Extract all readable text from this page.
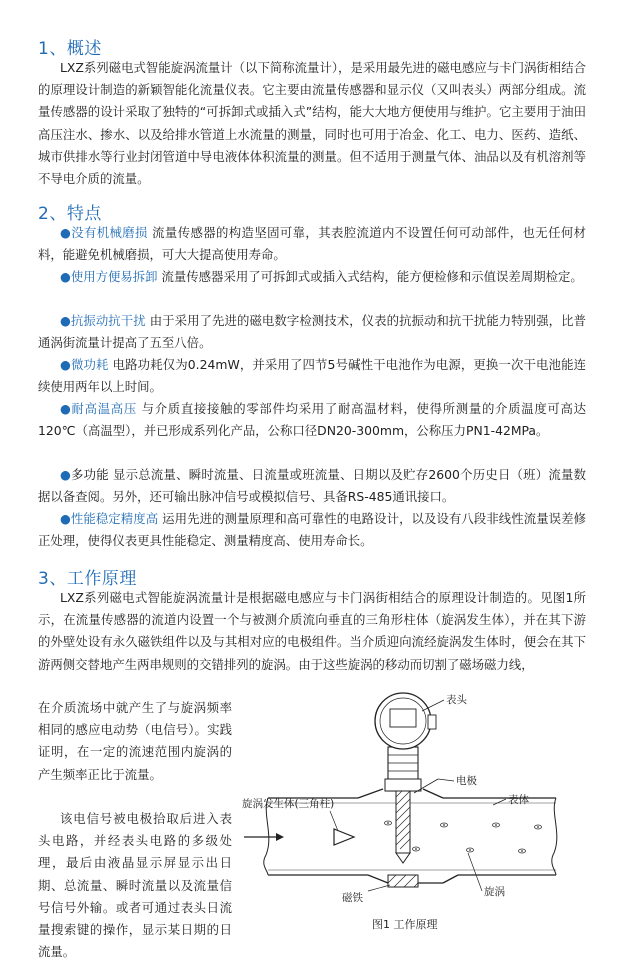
1、概述

LXZ系列磁电式智能旋涡流量计（以下简称流量计），是采用最先进的磁电感应与卡门涡街相结合的原理设计制造的新颖智能化流量仪表。它主要由流量传感器和显示仪（又叫表头）两部分组成。流量传感器的设计采取了独特的“可拆卸式或插入式”结构，能大大地方便使用与维护。它主要用于油田高压注水、掺水、以及给排水管道上水流量的测量，同时也可用于冶金、化工、电力、医药、造纸、城市供排水等行业封闭管道中导电液体体积流量的测量。但不适用于测量气体、油品以及有机溶剂等不导电介质的流量。

2、特点

●没有机械磨损 流量传感器的构造坚固可靠，其表腔流道内不设置任何可动部件，也无任何材料，能避免机械磨损，可大大提高使用寿命。

●使用方便易拆卸 流量传感器采用了可拆卸式或插入式结构，能方便检修和示值误差周期检定。

●抗振动抗干扰 由于采用了先进的磁电数字检测技术，仪表的抗振动和抗干扰能力特别强，比普通涡街流量计提高了五至八倍。

●微功耗 电路功耗仅为0.24mW，并采用了四节5号碱性干电池作为电源，更换一次干电池能连续使用两年以上时间。

●耐高温高压 与介质直接接触的零部件均采用了耐高温材料，使得所测量的介质温度可高达120℃（高温型），并已形成系列化产品，公称口径DN20-300mm，公称压力PN1-42MPa。

●多功能 显示总流量、瞬时流量、日流量或班流量、日期以及贮存2600个历史日（班）流量数据以备查阅。另外，还可输出脉冲信号或模拟信号、具备RS-485通讯接口。

●性能稳定精度高 运用先进的测量原理和高可靠性的电路设计，以及设有八段非线性流量误差修正处理，使得仪表更具性能稳定、测量精度高、使用寿命长。

3、工作原理

LXZ系列磁电式智能旋涡流量计是根据磁电感应与卡门涡街相结合的原理设计制造的。见图1所示，在流量传感器的流道内设置一个与被测介质流向垂直的三角形柱体（旋涡发生体），并在其下游的外壁处设有永久磁铁组件以及与其相对应的电极组件。当介质迎向流经旋涡发生体时，便会在其下游两侧交替地产生两串规则的交错排列的旋涡。由于这些旋涡的移动而切割了磁场磁力线，

在介质流场中就产生了与旋涡频率相同的感应电动势（电信号）。实践证明，在一定的流速范围内旋涡的产生频率正比于流量。

该电信号被电极拾取后进入表头电路，并经表头电路的多级处理，最后由液晶显示屏显示出日期、总流量、瞬时流量以及流量信号信号外输。或者可通过表头日流量搜索键的操作，显示某日期的日流量。

表头
电极
旋涡发生体(三角柱)	表体
磁铁	旋涡
图1 工作原理
